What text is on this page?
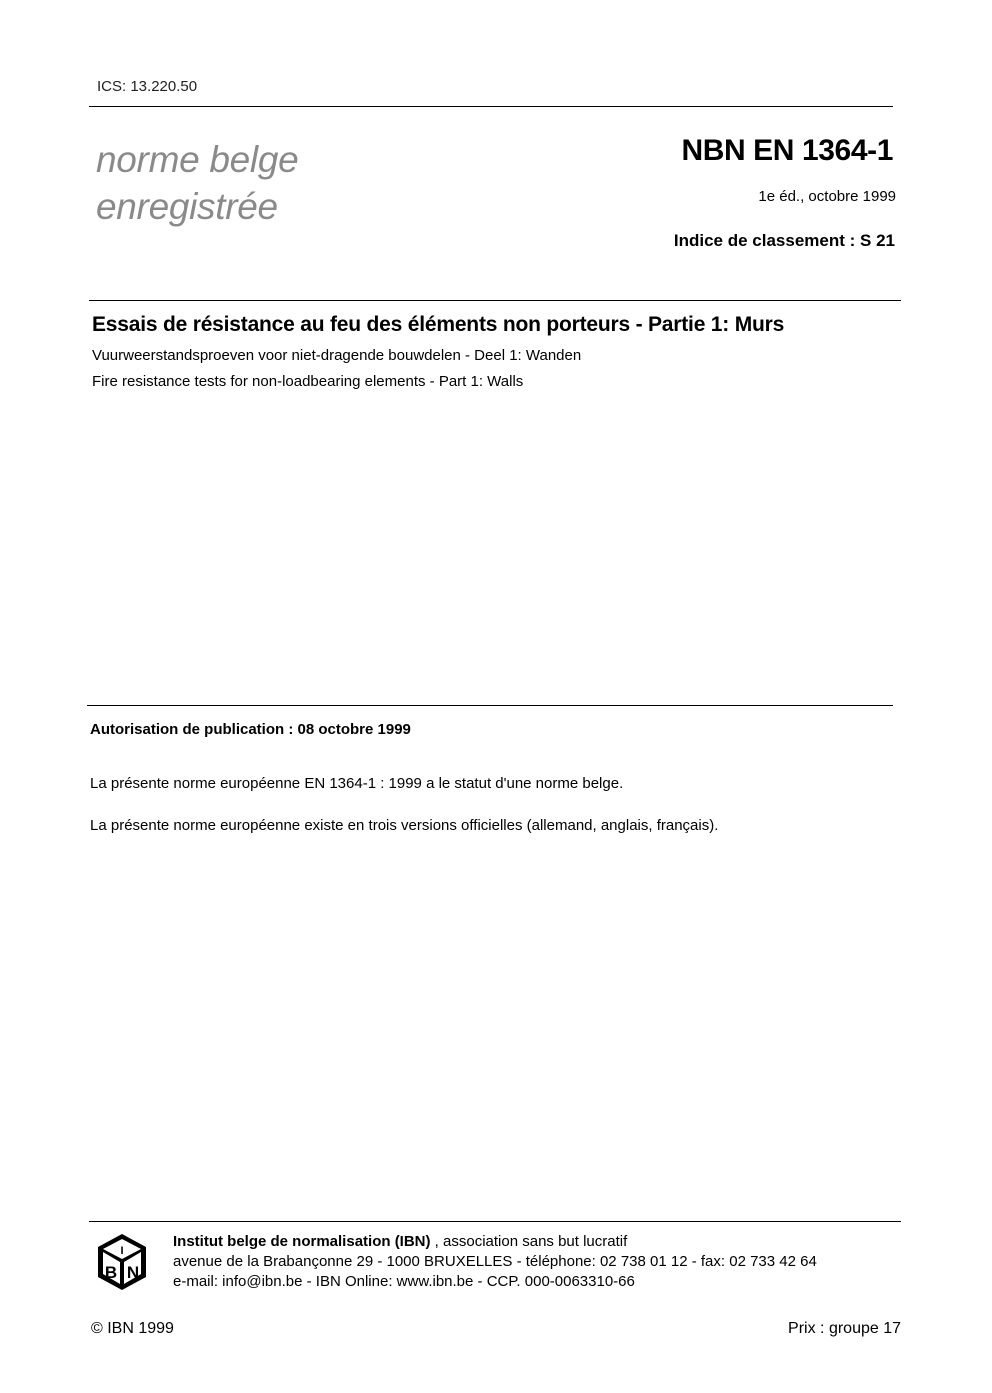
ICS: 13.220.50
norme belge
enregistrée
NBN EN 1364-1
1e éd., octobre 1999
Indice de classement : S 21
Essais de résistance au feu des éléments non porteurs - Partie 1: Murs
Vuurweerstandsproeven voor niet-dragende bouwdelen - Deel 1: Wanden
Fire resistance tests for non-loadbearing elements - Part 1: Walls
Autorisation de publication : 08 octobre 1999
La présente norme européenne EN 1364-1 : 1999 a le statut d'une norme belge.
La présente norme européenne existe en trois versions officielles (allemand, anglais, français).
I
B N
Institut belge de normalisation (IBN) , association sans but lucratif
avenue de la Brabançonne 29 - 1000 BRUXELLES - téléphone: 02 738 01 12 - fax: 02 733 42 64
e-mail: info@ibn.be - IBN Online: www.ibn.be - CCP. 000-0063310-66
© IBN 1999	Prix : groupe 17
